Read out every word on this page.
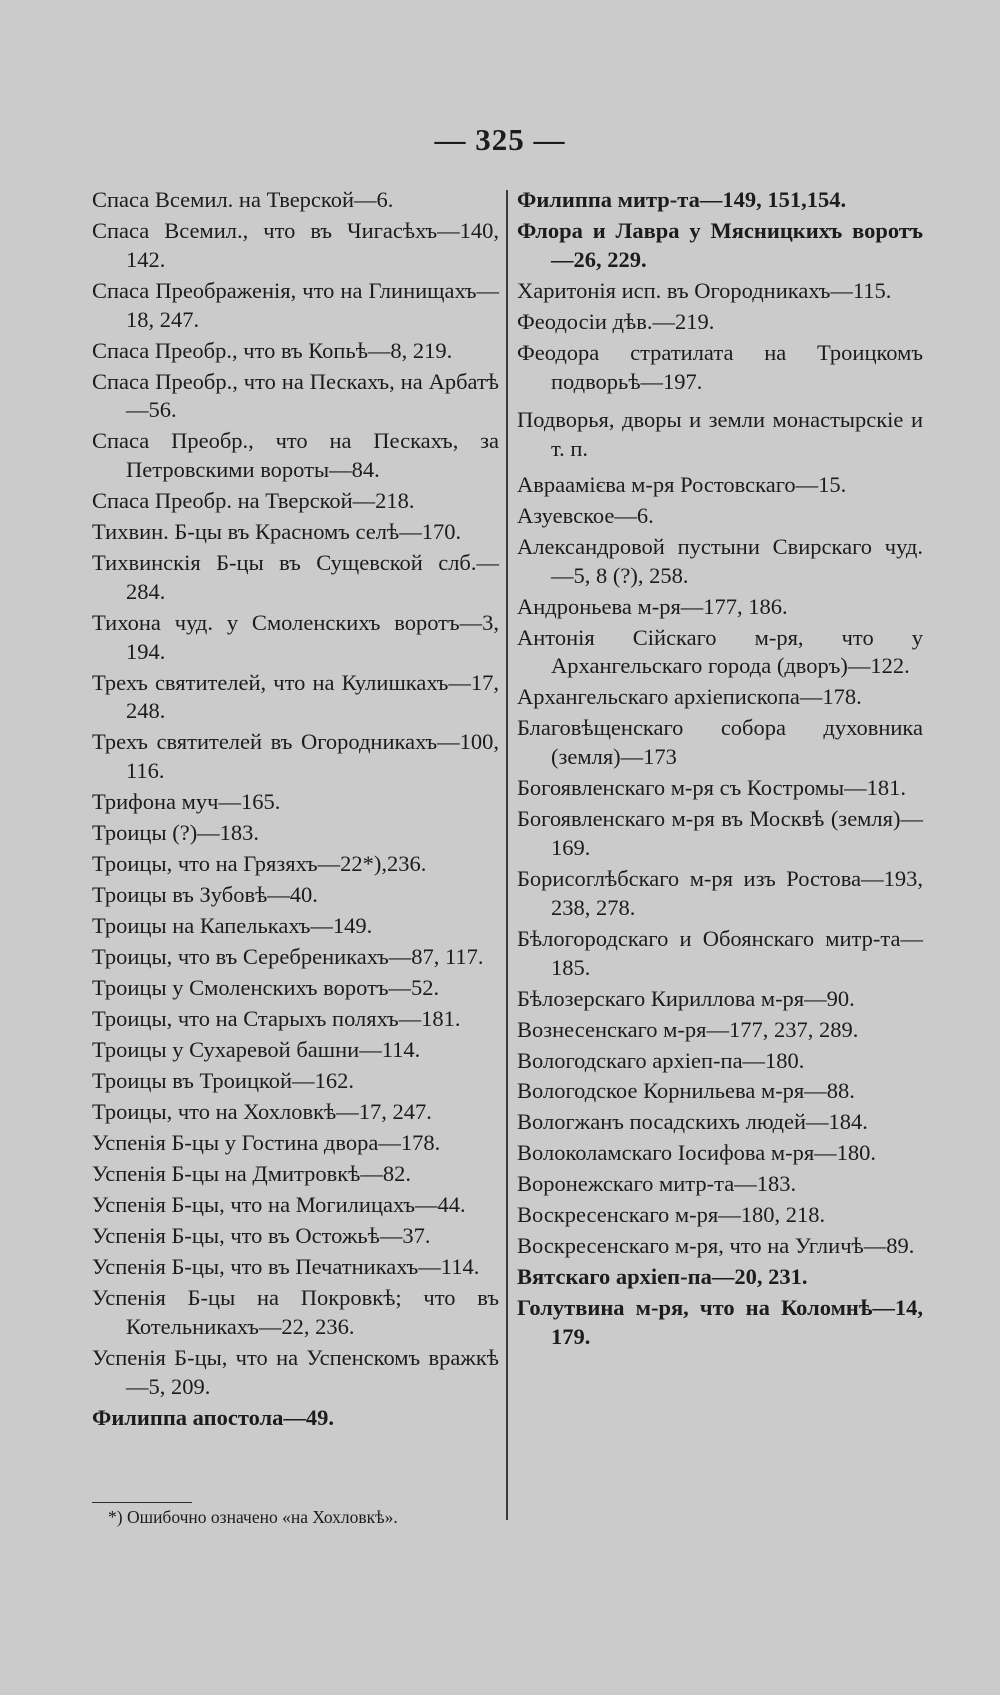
— 325 —
Спаса Всемил. на Тверской—6.
Спаса Всемил., что въ Чигасѣхъ—140, 142.
Спаса Преображенія, что на Глинищахъ—18, 247.
Спаса Преобр., что въ Копьѣ—8, 219.
Спаса Преобр., что на Пескахъ, на Арбатѣ—56.
Спаса Преобр., что на Пескахъ, за Петровскими вороты—84.
Спаса Преобр. на Тверской—218.
Тихвин. Б-цы въ Красномъ селѣ—170.
Тихвинскія Б-цы въ Сущевской слб.—284.
Тихона чуд. у Смоленскихъ воротъ—3, 194.
Трехъ святителей, что на Кулишкахъ—17, 248.
Трехъ святителей въ Огородникахъ—100, 116.
Трифона муч—165.
Троицы (?)—183.
Троицы, что на Грязяхъ—22*),236.
Троицы въ Зубовѣ—40.
Троицы на Капелькахъ—149.
Троицы, что въ Серебреникахъ—87, 117.
Троицы у Смоленскихъ воротъ—52.
Троицы, что на Старыхъ поляхъ—181.
Троицы у Сухаревой башни—114.
Троицы въ Троицкой—162.
Троицы, что на Хохловкѣ—17, 247.
Успенія Б-цы у Гостина двора—178.
Успенія Б-цы на Дмитровкѣ—82.
Успенія Б-цы, что на Могилицахъ—44.
Успенія Б-цы, что въ Остожьѣ—37.
Успенія Б-цы, что въ Печатникахъ—114.
Успенія Б-цы на Покровкѣ; что въ Котельникахъ—22, 236.
Успенія Б-цы, что на Успенскомъ вражкѣ—5, 209.
Филиппа апостола—49.
Филиппа митр-та—149, 151,154.
Флора и Лавра у Мясницкихъ воротъ—26, 229.
Харитонія исп. въ Огородникахъ—115.
Феодосіи дѣв.—219.
Феодора стратилата на Троицкомъ подворьѣ—197.
Подворья, дворы и земли монастырскіе и т. п.
Авраамієва м-ря Ростовскаго—15.
Азуевское—6.
Александровой пустыни Свирскаго чуд.—5, 8 (?), 258.
Андроньева м-ря—177, 186.
Антонія Сійскаго м-ря, что у Архангельскаго города (дворъ)—122.
Архангельскаго архіепископа—178.
Благовѣщенскаго собора духовника (земля)—173
Богоявленскаго м-ря съ Костромы—181.
Богоявленскаго м-ря въ Москвѣ (земля)—169.
Борисоглѣбскаго м-ря изъ Ростова—193, 238, 278.
Бѣлогородскаго и Обоянскаго митр-та—185.
Бѣлозерскаго Кириллова м-ря—90.
Вознесенскаго м-ря—177, 237, 289.
Вологодскаго архіеп-па—180.
Вологодское Корнильева м-ря—88.
Вологжанъ посадскихъ людей—184.
Волоколамскаго Іосифова м-ря—180.
Воронежскаго митр-та—183.
Воскресенскаго м-ря—180, 218.
Воскресенскаго м-ря, что на Угличѣ—89.
Вятскаго архіеп-па—20, 231.
Голутвина м-ря, что на Коломнѣ—14, 179.
*) Ошибочно означено «на Хохловкѣ».
